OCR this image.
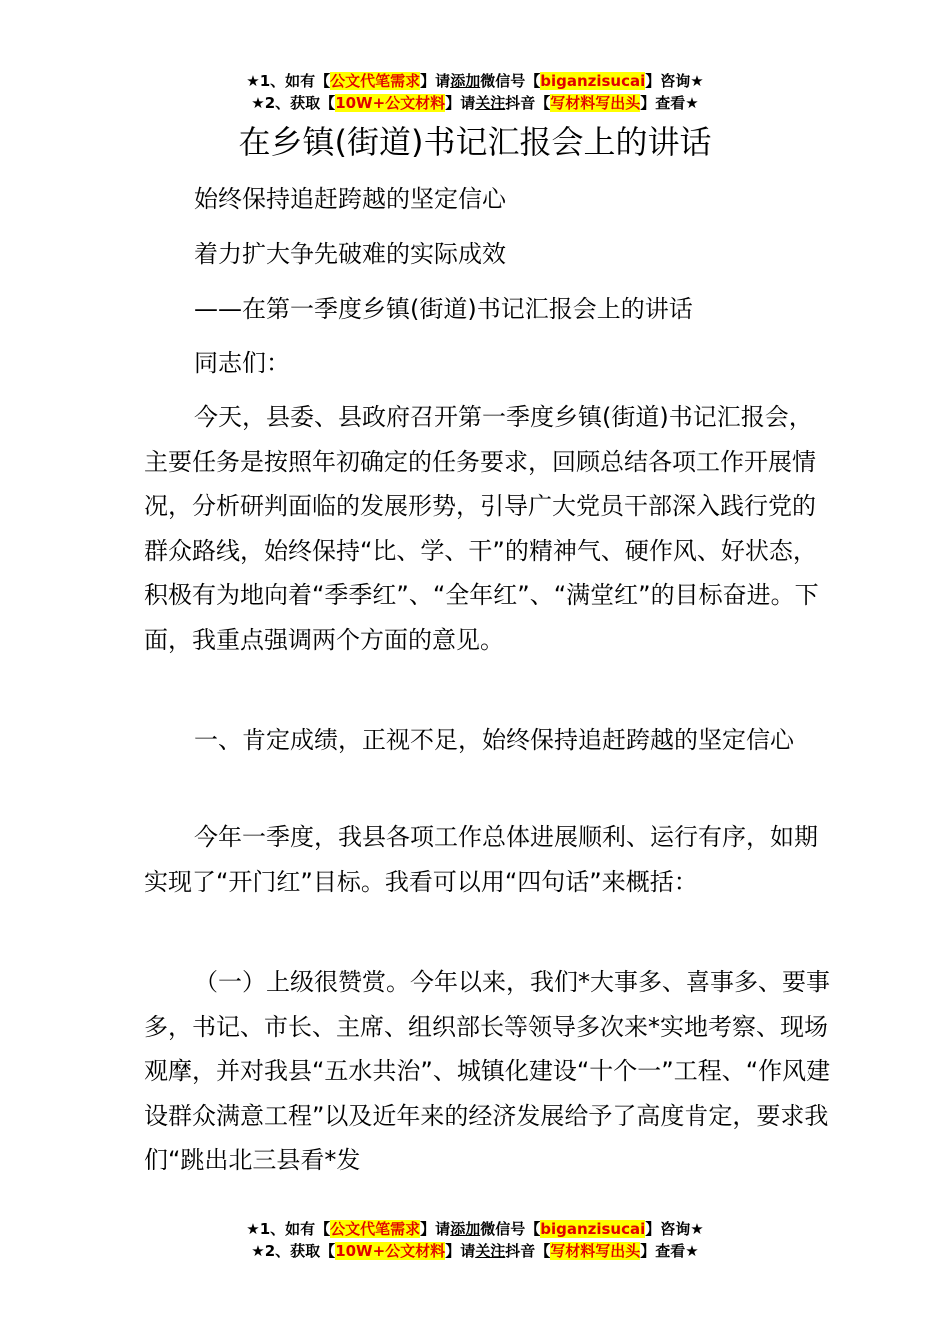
★1、如有【公文代笔需求】请添加微信号【biganzisucai】咨询★
★2、获取【10W+公文材料】请关注抖音【写材料写出头】查看★
在乡镇(街道)书记汇报会上的讲话
始终保持追赶跨越的坚定信心
着力扩大争先破难的实际成效
——在第一季度乡镇(街道)书记汇报会上的讲话
同志们：

今天，县委、县政府召开第一季度乡镇(街道)书记汇报会，主要任务是按照年初确定的任务要求，回顾总结各项工作开展情况，分析研判面临的发展形势，引导广大党员干部深入践行党的群众路线，始终保持“比、学、干”的精神气、硬作风、好状态，积极有为地向着“季季红”、“全年红”、“满堂红”的目标奋进。下面，我重点强调两个方面的意见。

一、肯定成绩，正视不足，始终保持追赶跨越的坚定信心

今年一季度，我县各项工作总体进展顺利、运行有序，如期实现了“开门红”目标。我看可以用“四句话”来概括：

（一）上级很赞赏。今年以来，我们*大事多、喜事多、要事多，书记、市长、主席、组织部长等领导多次来*实地考察、现场观摩，并对我县“五水共治”、城镇化建设“十个一”工程、“作风建设群众满意工程”以及近年来的经济发展给予了高度肯定，要求我们“跳出北三县看*发

★1、如有【公文代笔需求】请添加微信号【biganzisucai】咨询★
★2、获取【10W+公文材料】请关注抖音【写材料写出头】查看★
